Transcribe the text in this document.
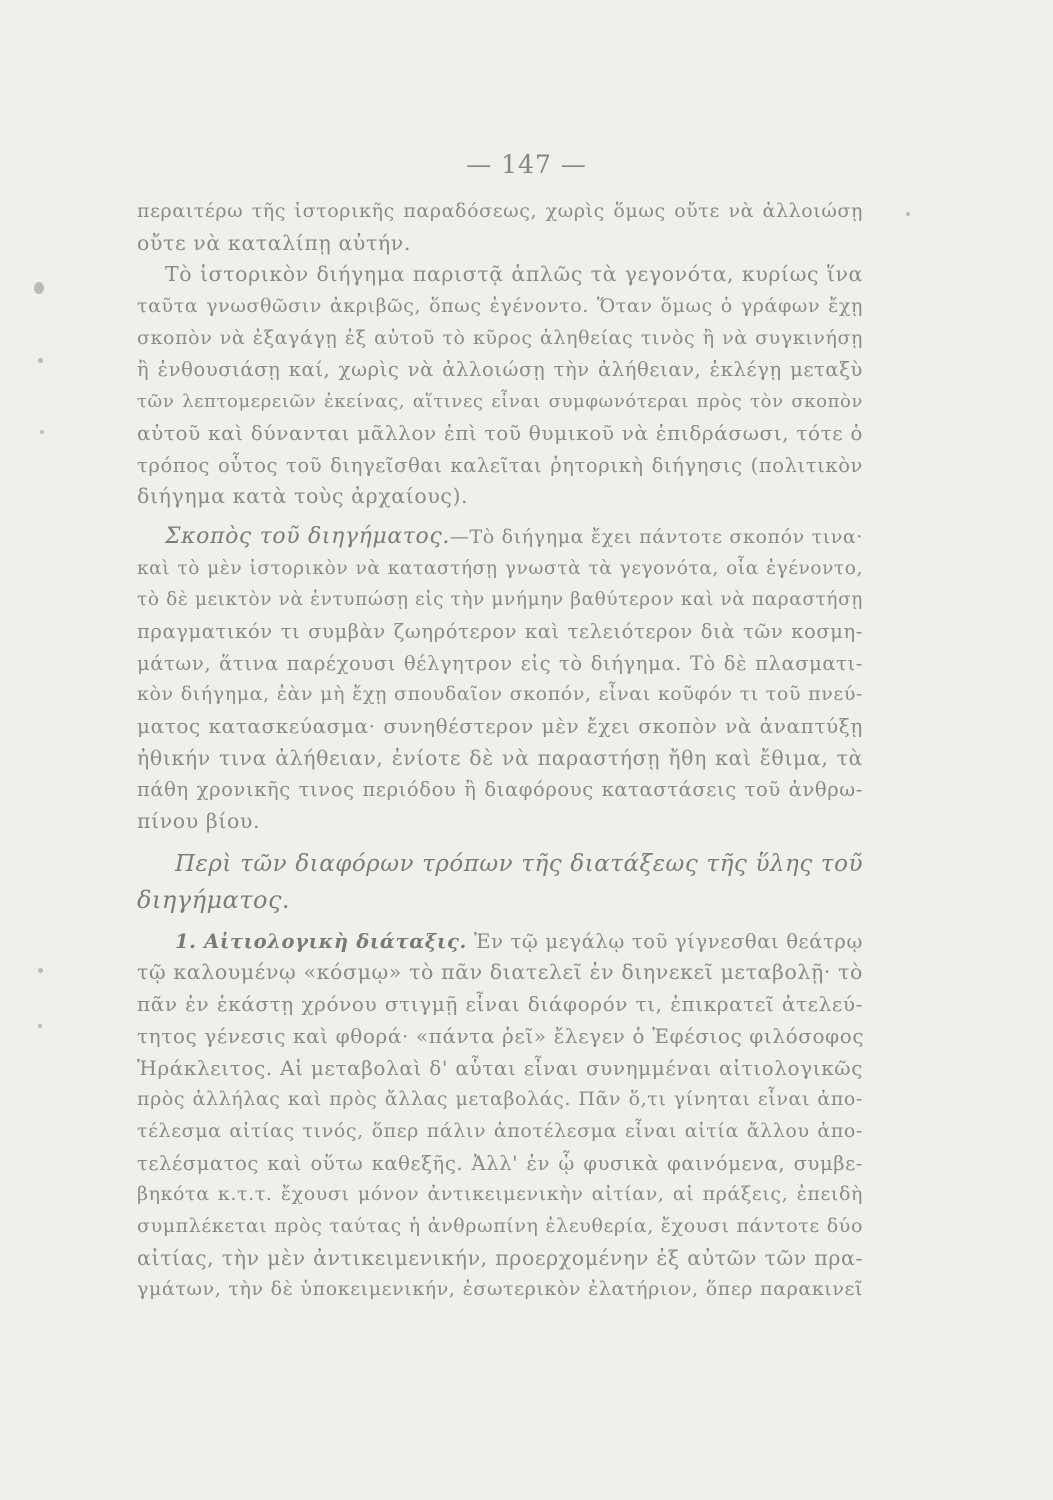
— 147 —
περαιτέρω τῆς ἱστορικῆς παραδόσεως, χωρὶς ὅμως οὔτε νὰ ἀλλοιώσῃ
οὔτε νὰ καταλίπῃ αὐτήν.
Τὸ ἱστορικὸν διήγημα παριστᾷ ἁπλῶς τὰ γεγονότα, κυρίως ἵνα
ταῦτα γνωσθῶσιν ἀκριβῶς, ὅπως ἐγένοντο. Ὅταν ὅμως ὁ γράφων ἔχῃ
σκοπὸν νὰ ἐξαγάγῃ ἐξ αὐτοῦ τὸ κῦρος ἀληθείας τινὸς ἢ νὰ συγκινήσῃ
ἢ ἐνθουσιάσῃ καί, χωρὶς νὰ ἀλλοιώσῃ τὴν ἀλήθειαν, ἐκλέγῃ μεταξὺ
τῶν λεπτομερειῶν ἐκείνας, αἵτινες εἶναι συμφωνότεραι πρὸς τὸν σκοπὸν
αὐτοῦ καὶ δύνανται μᾶλλον ἐπὶ τοῦ θυμικοῦ νὰ ἐπιδράσωσι, τότε ὁ
τρόπος οὗτος τοῦ διηγεῖσθαι καλεῖται ῥητορικὴ διήγησις (πολιτικὸν
διήγημα κατὰ τοὺς ἀρχαίους).
Σκοπὸς τοῦ διηγήματος.—Τὸ διήγημα ἔχει πάντοτε σκοπόν τινα·
καὶ τὸ μὲν ἱστορικὸν νὰ καταστήσῃ γνωστὰ τὰ γεγονότα, οἷα ἐγένοντο,
τὸ δὲ μεικτὸν νὰ ἐντυπώσῃ εἰς τὴν μνήμην βαθύτερον καὶ νὰ παραστήσῃ
πραγματικόν τι συμβὰν ζωηρότερον καὶ τελειότερον διὰ τῶν κοσμη-
μάτων, ἅτινα παρέχουσι θέλγητρον εἰς τὸ διήγημα. Τὸ δὲ πλασματι-
κὸν διήγημα, ἐὰν μὴ ἔχῃ σπουδαῖον σκοπόν, εἶναι κοῦφόν τι τοῦ πνεύ-
ματος κατασκεύασμα· συνηθέστερον μὲν ἔχει σκοπὸν νὰ ἀναπτύξῃ
ἠθικήν τινα ἀλήθειαν, ἐνίοτε δὲ νὰ παραστήσῃ ἤθη καὶ ἔθιμα, τὰ
πάθη χρονικῆς τινος περιόδου ἢ διαφόρους καταστάσεις τοῦ ἀνθρω-
πίνου βίου.
Περὶ τῶν διαφόρων τρόπων τῆς διατάξεως τῆς ὕλης τοῦ
διηγήματος.
1. Αἰτιολογικὴ διάταξις. Ἐν τῷ μεγάλῳ τοῦ γίγνεσθαι θεάτρῳ
τῷ καλουμένῳ «κόσμῳ» τὸ πᾶν διατελεῖ ἐν διηνεκεῖ μεταβολῇ· τὸ
πᾶν ἐν ἑκάστῃ χρόνου στιγμῇ εἶναι διάφορόν τι, ἐπικρατεῖ ἀτελεύ-
τητος γένεσις καὶ φθορά· «πάντα ῥεῖ» ἔλεγεν ὁ Ἐφέσιος φιλόσοφος
Ἡράκλειτος. Αἱ μεταβολαὶ δ' αὗται εἶναι συνημμέναι αἰτιολογικῶς
πρὸς ἀλλήλας καὶ πρὸς ἄλλας μεταβολάς. Πᾶν ὅ,τι γίνηται εἶναι ἀπο-
τέλεσμα αἰτίας τινός, ὅπερ πάλιν ἀποτέλεσμα εἶναι αἰτία ἄλλου ἀπο-
τελέσματος καὶ οὕτω καθεξῆς. Ἀλλ' ἐν ᾧ φυσικὰ φαινόμενα, συμβε-
βηκότα κ.τ.τ. ἔχουσι μόνον ἀντικειμενικὴν αἰτίαν, αἱ πράξεις, ἐπειδὴ
συμπλέκεται πρὸς ταύτας ἡ ἀνθρωπίνη ἐλευθερία, ἔχουσι πάντοτε δύο
αἰτίας, τὴν μὲν ἀντικειμενικήν, προερχομένην ἐξ αὐτῶν τῶν πρα-
γμάτων, τὴν δὲ ὑποκειμενικήν, ἐσωτερικὸν ἐλατήριον, ὅπερ παρακινεῖ
